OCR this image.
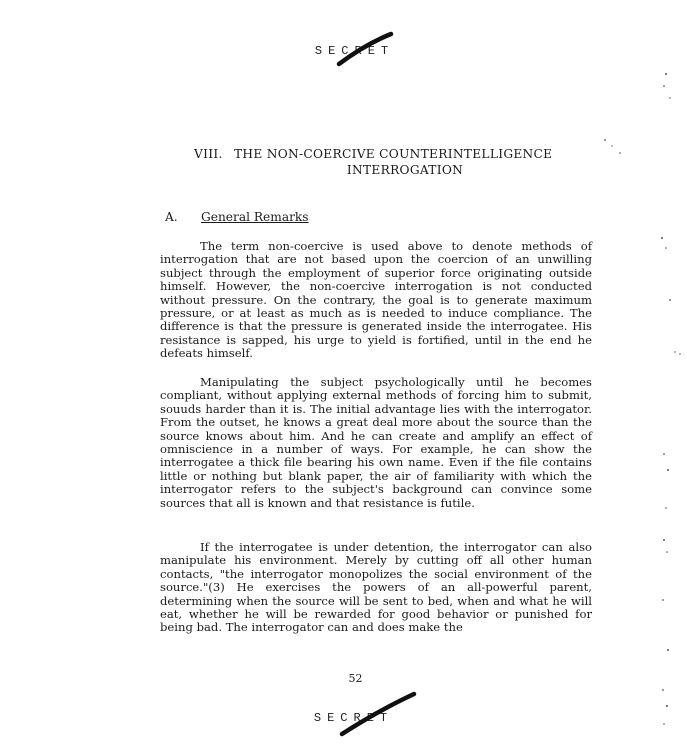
SECRET
VIII. THE NON-COERCIVE COUNTERINTELLIGENCE
INTERROGATION
A. General Remarks

The term non-coercive is used above to denote methods of interrogation that are not based upon the coercion of an unwilling subject through the employment of superior force originating outside himself. However, the non-coercive interrogation is not conducted without pressure. On the contrary, the goal is to generate maximum pressure, or at least as much as is needed to induce compliance. The difference is that the pressure is generated inside the interrogatee. His resistance is sapped, his urge to yield is fortified, until in the end he defeats himself.

Manipulating the subject psychologically until he becomes compliant, without applying external methods of forcing him to submit, souuds harder than it is. The initial advantage lies with the interrogator. From the outset, he knows a great deal more about the source than the source knows about him. And he can create and amplify an effect of omniscience in a number of ways. For example, he can show the interrogatee a thick file bearing his own name. Even if the file contains little or nothing but blank paper, the air of familiarity with which the interrogator refers to the subject's background can convince some sources that all is known and that resistance is futile.

If the interrogatee is under detention, the interrogator can also manipulate his environment. Merely by cutting off all other human contacts, "the interrogator monopolizes the social environment of the source."(3) He exercises the powers of an all-powerful parent, determining when the source will be sent to bed, when and what he will eat, whether he will be rewarded for good behavior or punished for being bad. The interrogator can and does make the

52
SECRET
